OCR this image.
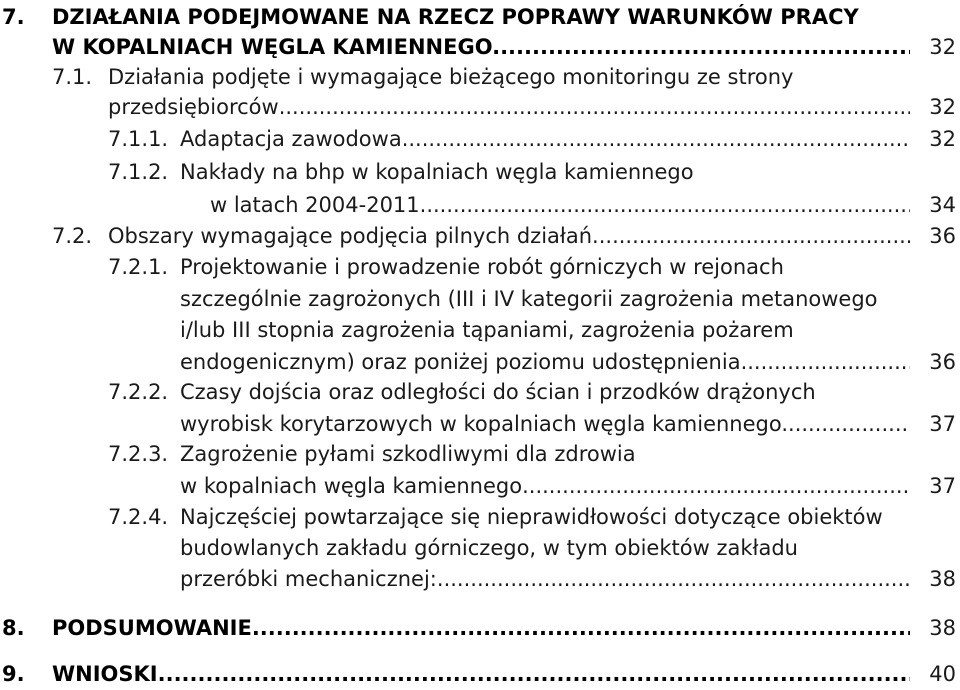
7. DZIAŁANIA PODEJMOWANE NA RZECZ POPRAWY WARUNKÓW PRACY
W KOPALNIACH WĘGLA KAMIENNEGO. .....	32
7.1. Działania podjęte i wymagające bieżącego monitoringu ze strony
przedsiębiorców .....	32
7.1.1. Adaptacja zawodowa. .....	32
7.1.2. Nakłady na bhp w kopalniach węgla kamiennego
w latach 2004-2011 .....	34
7.2. Obszary wymagające podjęcia pilnych działań. .....	36
7.2.1. Projektowanie i prowadzenie robót górniczych w rejonach
szczególnie zagrożonych (III i IV kategorii zagrożenia metanowego
i/lub III stopnia zagrożenia tąpaniami, zagrożenia pożarem
endogenicznym) oraz poniżej poziomu udostępnienia. .....	36
7.2.2. Czasy dojścia oraz odległości do ścian i przodków drążonych
wyrobisk korytarzowych w kopalniach węgla kamiennego. .....	37
7.2.3. Zagrożenie pyłami szkodliwymi dla zdrowia
w kopalniach węgla kamiennego .....	37
7.2.4. Najczęściej powtarzające się nieprawidłowości dotyczące obiektów
budowlanych zakładu górniczego, w tym obiektów zakładu
przeróbki mechanicznej: .....	38
8. PODSUMOWANIE .....	38
9. WNIOSKI .....	40
